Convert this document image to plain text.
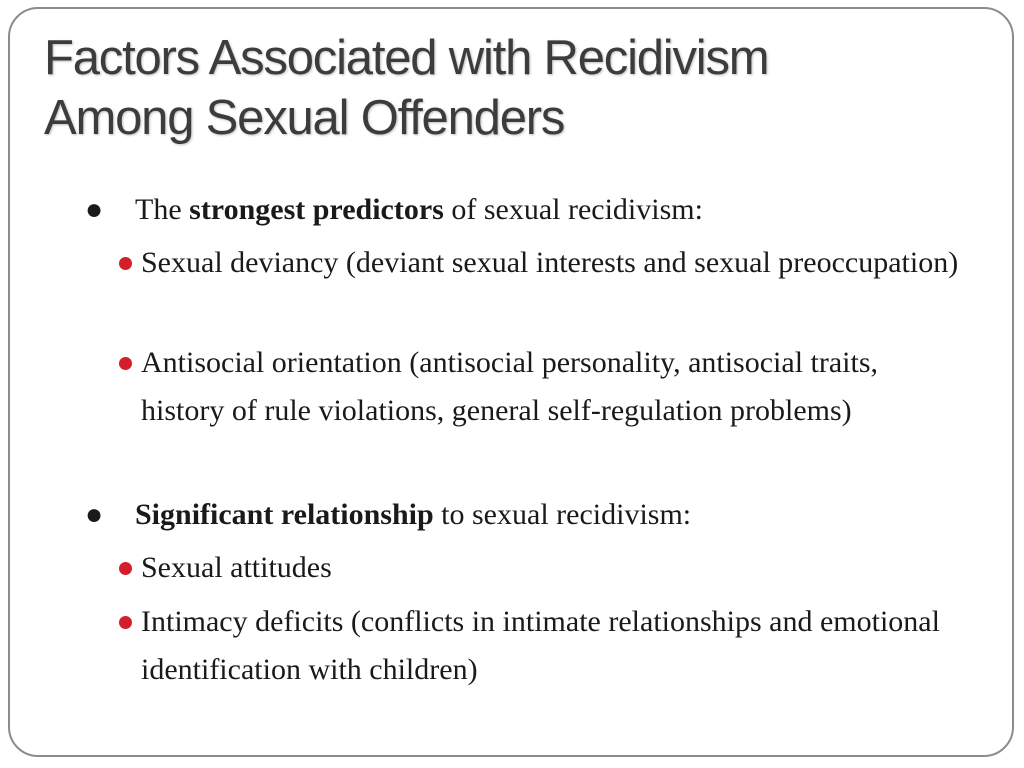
Factors Associated with Recidivism
Among Sexual Offenders
● The strongest predictors of sexual recidivism:
Sexual deviancy (deviant sexual interests and sexual preoccupation)
Antisocial orientation (antisocial personality, antisocial traits, history of rule violations, general self-regulation problems)
● Significant relationship to sexual recidivism:
Sexual attitudes
Intimacy deficits (conflicts in intimate relationships and emotional identification with children)
